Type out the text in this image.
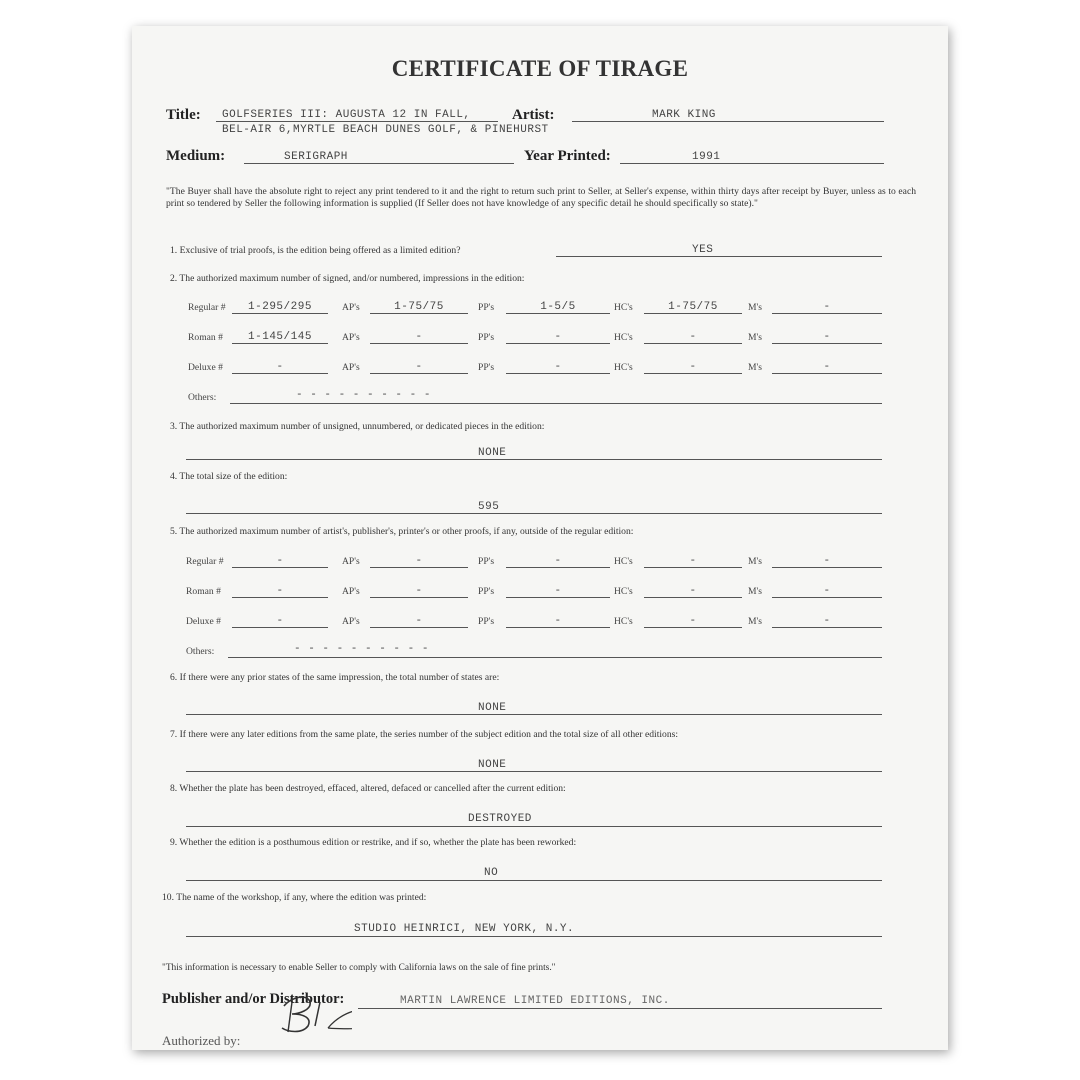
CERTIFICATE OF TIRAGE
Title: GOLFSERIES III: AUGUSTA 12 IN FALL,	Artist:	MARK KING
BEL-AIR 6,MYRTLE BEACH DUNES GOLF, & PINEHURST
Medium:	SERIGRAPH	Year Printed:	1991
"The Buyer shall have the absolute right to reject any print tendered to it and the right to return such print to Seller, at Seller's expense, within thirty days after receipt by Buyer, unless as to each print so tendered by Seller the following information is supplied (If Seller does not have knowledge of any specific detail he should specifically so state)."
1. Exclusive of trial proofs, is the edition being offered as a limited edition?	YES
2. The authorized maximum number of signed, and/or numbered, impressions in the edition:
3. The authorized maximum number of unsigned, unnumbered, or dedicated pieces in the edition:
NONE
4. The total size of the edition:
595
5. The authorized maximum number of artist's, publisher's, printer's or other proofs, if any, outside of the regular edition:
6. If there were any prior states of the same impression, the total number of states are:
NONE
7. If there were any later editions from the same plate, the series number of the subject edition and the total size of all other editions:
NONE
8. Whether the plate has been destroyed, effaced, altered, defaced or cancelled after the current edition:
DESTROYED
9. Whether the edition is a posthumous edition or restrike, and if so, whether the plate has been reworked:
NO
10. The name of the workshop, if any, where the edition was printed:
STUDIO HEINRICI, NEW YORK, N.Y.
"This information is necessary to enable Seller to comply with California laws on the sale of fine prints."
Publisher and/or Distributor:	MARTIN LAWRENCE LIMITED EDITIONS, INC.
Authorized by:
Regular #	1-295/295	AP's	1-75/75	PP's	1-5/5	HC's	1-75/75	M's	-
Roman #	1-145/145	AP's	-	PP's	-	HC's	-	M's	-
Deluxe #	-	AP's	-	PP's	-	HC's	-	M's	-
Others:	- - - - - - - - - -
Regular #	-	AP's	-	PP's	-	HC's	-	M's	-
Roman #	-	AP's	-	PP's	-	HC's	-	M's	-
Deluxe #	-	AP's	-	PP's	-	HC's	-	M's	-
Others:	- - - - - - - - - -
